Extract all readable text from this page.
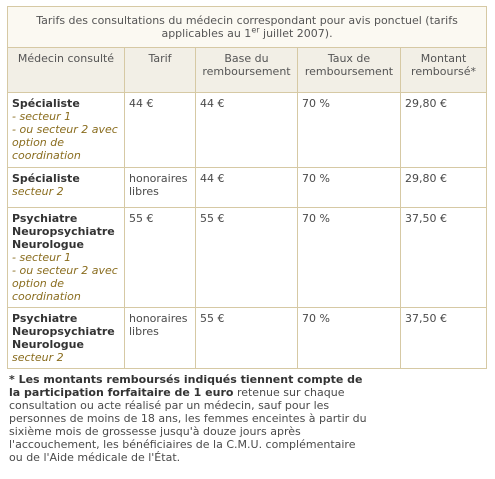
Tarifs des consultations du médecin correspondant pour avis ponctuel (tarifs applicables au 1er juillet 2007).				
Médecin consulté	Tarif	Base du remboursement	Taux de remboursement	Montant remboursé*

Spécialiste
- secteur 1
- ou secteur 2 avec option de coordination	44 €	44 €	70 %	29,80 €

Spécialiste
secteur 2	honoraires libres	44 €	70 %	29,80 €

Psychiatre
Neuropsychiatre
Neurologue
- secteur 1
- ou secteur 2 avec option de coordination	55 €	55 €	70 %	37,50 €

Psychiatre
Neuropsychiatre
Neurologue
secteur 2	honoraires libres	55 €	70 %	37,50 €
* Les montants remboursés indiqués tiennent compte de la participation forfaitaire de 1 euro retenue sur chaque consultation ou acte réalisé par un médecin, sauf pour les personnes de moins de 18 ans, les femmes enceintes à partir du sixième mois de grossesse jusqu'à douze jours après l'accouchement, les bénéficiaires de la C.M.U. complémentaire ou de l'Aide médicale de l'État.
